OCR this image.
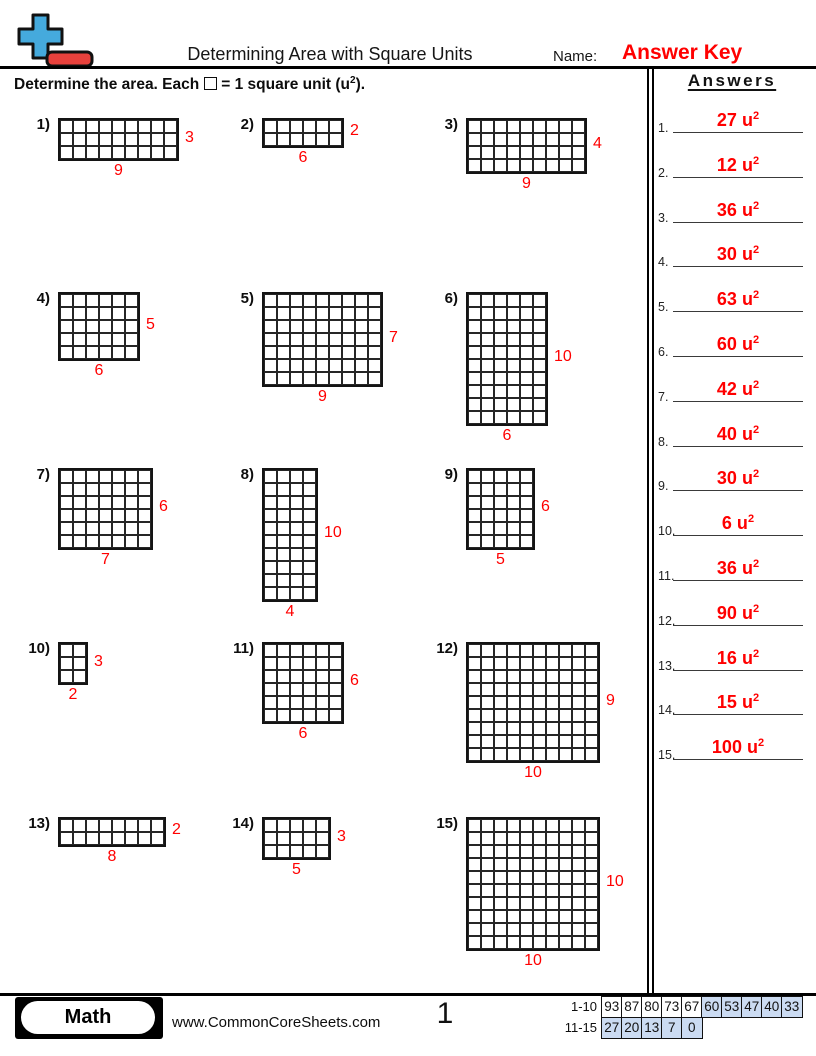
Determining Area with Square Units	Name: Answer Key
Determine the area. Each = 1 square unit $(u^2)$.
1)
3
9
2)	2
6
3)
4
9
4)
5
6
5)
7
9
6)
10
6
7)
6
7
8)
10
4
9)
6
5
10)
3
2
11)
6
6
12)
9
10
13)	2
8
14)
3
5
15)
10
10
Answers
1.	27 $u^2$
2.	12 $u^2$
3.	36 $u^2$
4.	30 $u^2$
5.	63 $u^2$
6.	60 $u^2$
7.	42 $u^2$
8.	40 $u^2$
9.	30 $u^2$
10.	6 $u^2$
11.	36 $u^2$
12.	90 $u^2$
13.	16 $u^2$
14.	15 $u^2$
15.	100 $u^2$
Math	www.CommonCoreSheets.com	1	1-10 93 87 80 73 67 60 53 47 40 33
11-15 27 20 13 7 0
